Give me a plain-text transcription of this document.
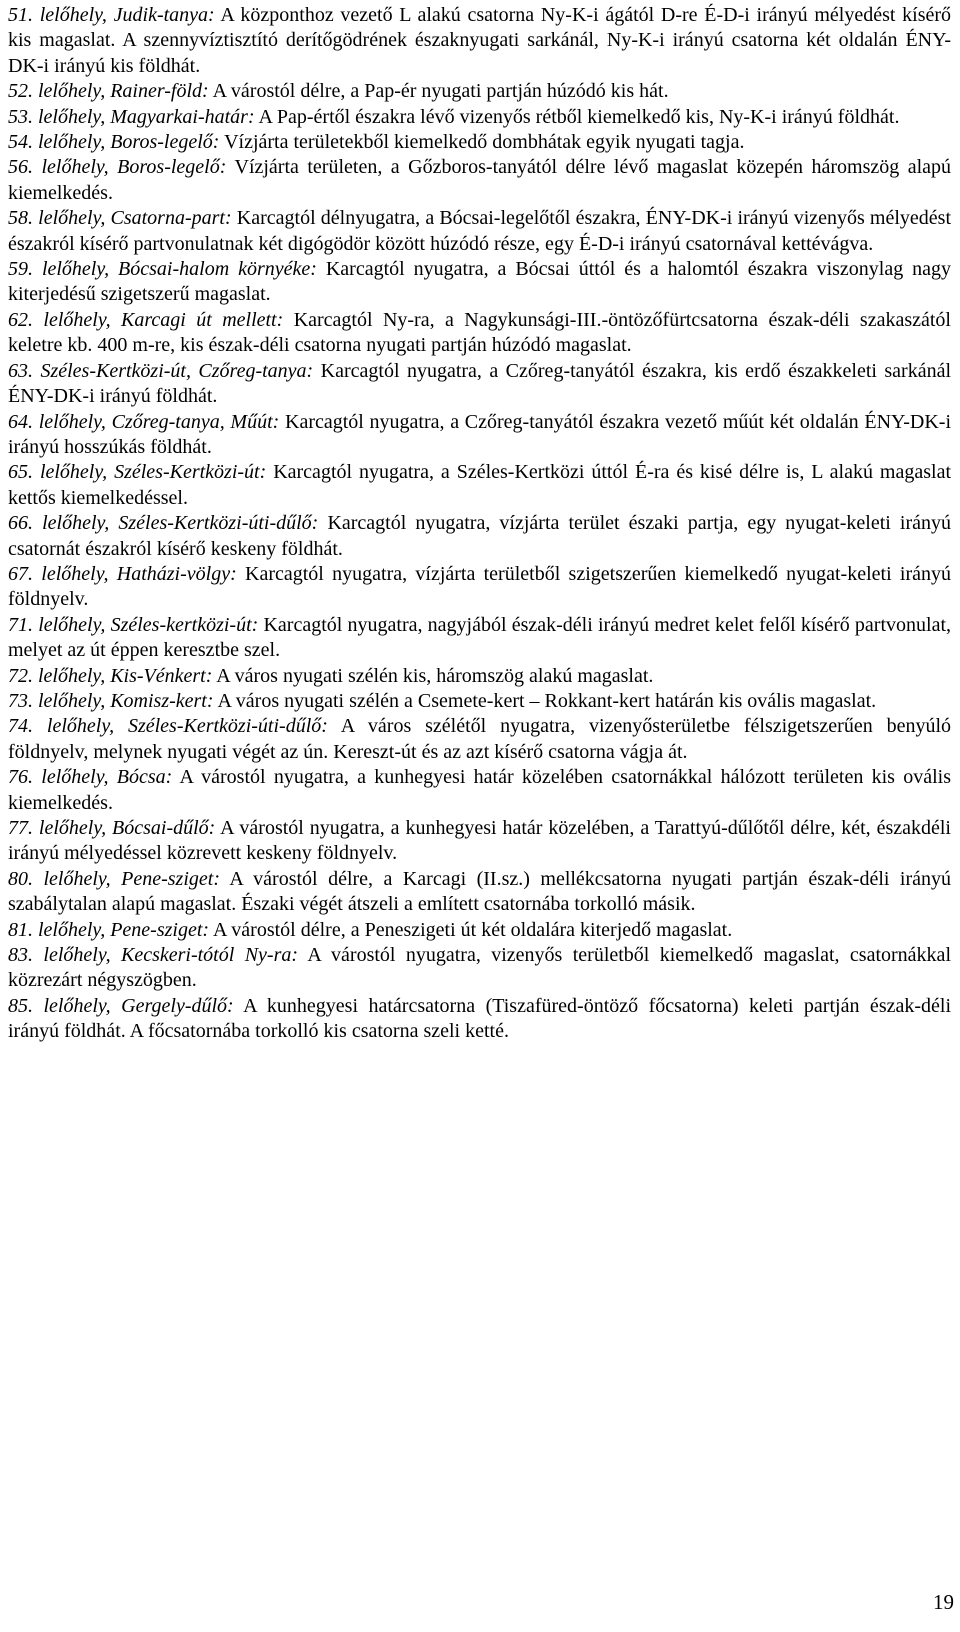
51. lelőhely, Judik-tanya: A központhoz vezető L alakú csatorna Ny-K-i ágától D-re É-D-i irányú mélyedést kísérő kis magaslat. A szennyvíztisztító derítőgödrének északnyugati sarkánál, Ny-K-i irányú csatorna két oldalán ÉNY-DK-i irányú kis földhát.

52. lelőhely, Rainer-föld: A várostól délre, a Pap-ér nyugati partján húzódó kis hát.

53. lelőhely, Magyarkai-határ: A Pap-értől északra lévő vizenyős rétből kiemelkedő kis, Ny-K-i irányú földhát.

54. lelőhely, Boros-legelő: Vízjárta területekből kiemelkedő dombhátak egyik nyugati tagja.

56. lelőhely, Boros-legelő: Vízjárta területen, a Gőzboros-tanyától délre lévő magaslat közepén háromszög alapú kiemelkedés.

58. lelőhely, Csatorna-part: Karcagtól délnyugatra, a Bócsai-legelőtől északra, ÉNY-DK-i irányú vizenyős mélyedést északról kísérő partvonulatnak két digógödör között húzódó része, egy É-D-i irányú csatornával kettévágva.

59. lelőhely, Bócsai-halom környéke: Karcagtól nyugatra, a Bócsai úttól és a halomtól északra viszonylag nagy kiterjedésű szigetszerű magaslat.

62. lelőhely, Karcagi út mellett: Karcagtól Ny-ra, a Nagykunsági-III.-öntözőfürtcsatorna észak-déli szakaszától keletre kb. 400 m-re, kis észak-déli csatorna nyugati partján húzódó magaslat.

63. Széles-Kertközi-út, Czőreg-tanya: Karcagtól nyugatra, a Czőreg-tanyától északra, kis erdő északkeleti sarkánál ÉNY-DK-i irányú földhát.

64. lelőhely, Czőreg-tanya, Műút: Karcagtól nyugatra, a Czőreg-tanyától északra vezető műút két oldalán ÉNY-DK-i irányú hosszúkás földhát.

65. lelőhely, Széles-Kertközi-út: Karcagtól nyugatra, a Széles-Kertközi úttól É-ra és kisé délre is, L alakú magaslat kettős kiemelkedéssel.

66. lelőhely, Széles-Kertközi-úti-dűlő: Karcagtól nyugatra, vízjárta terület északi partja, egy nyugat-keleti irányú csatornát északról kísérő keskeny földhát.

67. lelőhely, Hatházi-völgy: Karcagtól nyugatra, vízjárta területből szigetszerűen kiemelkedő nyugat-keleti irányú földnyelv.

71. lelőhely, Széles-kertközi-út: Karcagtól nyugatra, nagyjából észak-déli irányú medret kelet felől kísérő partvonulat, melyet az út éppen keresztbe szel.

72. lelőhely, Kis-Vénkert: A város nyugati szélén kis, háromszög alakú magaslat.

73. lelőhely, Komisz-kert: A város nyugati szélén a Csemete-kert – Rokkant-kert határán kis ovális magaslat.

74. lelőhely, Széles-Kertközi-úti-dűlő: A város szélétől nyugatra, vizenyősterületbe félszigetszerűen benyúló földnyelv, melynek nyugati végét az ún. Kereszt-út és az azt kísérő csatorna vágja át.

76. lelőhely, Bócsa: A várostól nyugatra, a kunhegyesi határ közelében csatornákkal hálózott területen kis ovális kiemelkedés.

77. lelőhely, Bócsai-dűlő: A várostól nyugatra, a kunhegyesi határ közelében, a Tarattyú-dűlőtől délre, két, északdéli irányú mélyedéssel közrevett keskeny földnyelv.

80. lelőhely, Pene-sziget: A várostól délre, a Karcagi (II.sz.) mellékcsatorna nyugati partján észak-déli irányú szabálytalan alapú magaslat. Északi végét átszeli a említett csatornába torkolló másik.

81. lelőhely, Pene-sziget: A várostól délre, a Peneszigeti út két oldalára kiterjedő magaslat.

83. lelőhely, Kecskeri-tótól Ny-ra: A várostól nyugatra, vizenyős területből kiemelkedő magaslat, csatornákkal közrezárt négyszögben.

85. lelőhely, Gergely-dűlő: A kunhegyesi határcsatorna (Tiszafüred-öntöző főcsatorna) keleti partján észak-déli irányú földhát. A főcsatornába torkolló kis csatorna szeli ketté.

19
